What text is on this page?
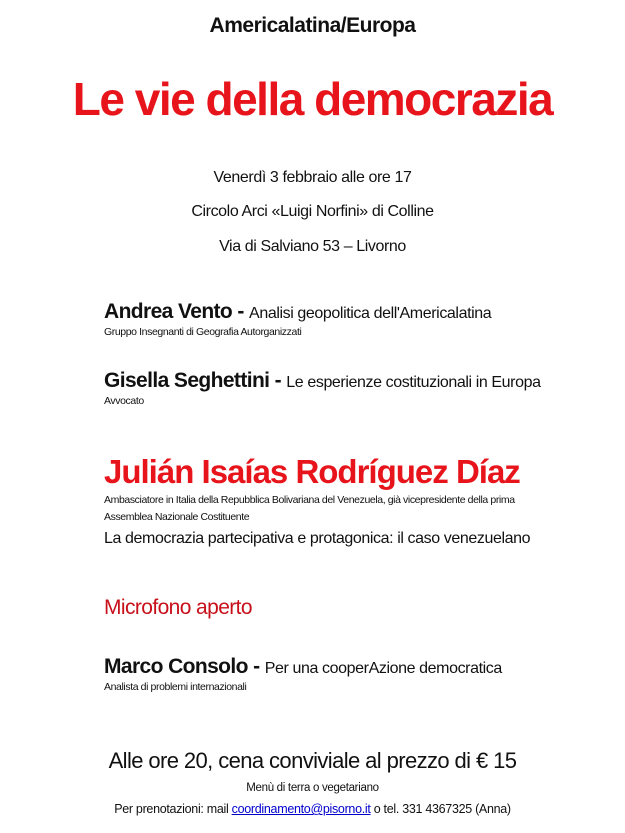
Americalatina/Europa
Le vie della democrazia
Venerdì 3 febbraio alle ore 17
Circolo Arci «Luigi Norfini» di Colline
Via di Salviano 53 – Livorno
Andrea Vento - Analisi geopolitica dell'Americalatina
Gruppo Insegnanti di Geografia Autorganizzati
Gisella Seghettini - Le esperienze costituzionali in Europa
Avvocato
Julián Isaías Rodríguez Díaz
Ambasciatore in Italia della Repubblica Bolivariana del Venezuela, già vicepresidente della prima
Assemblea Nazionale Costituente
La democrazia partecipativa e protagonica: il caso venezuelano
Microfono aperto
Marco Consolo - Per una cooperAzione democratica
Analista di problemi internazionali
Alle ore 20, cena conviviale al prezzo di € 15
Menù di terra o vegetariano
Per prenotazioni: mail coordinamento@pisorno.it o tel. 331 4367325 (Anna)
